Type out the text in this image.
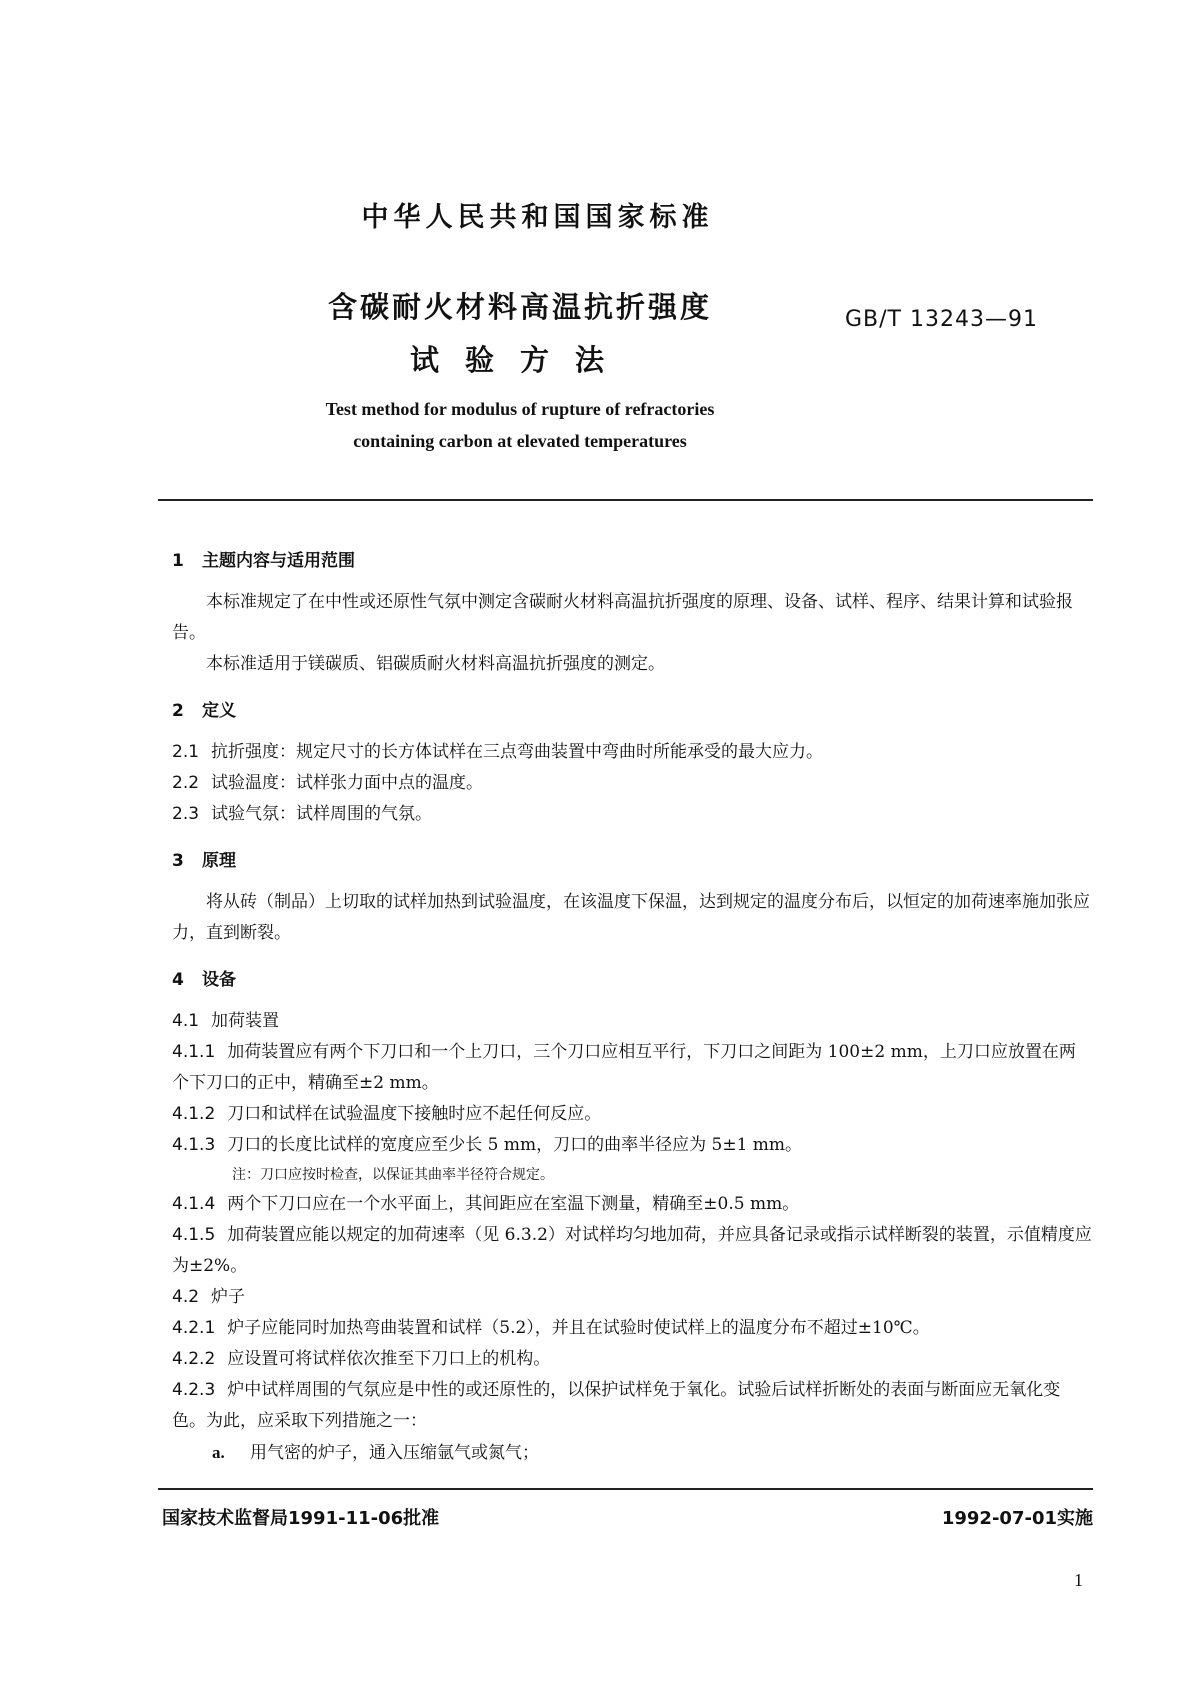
中华人民共和国国家标准
含碳耐火材料高温抗折强度
试验方法
GB/T 13243—91
Test method for modulus of rupture of refractories
containing carbon at elevated temperatures
1 主题内容与适用范围

本标准规定了在中性或还原性气氛中测定含碳耐火材料高温抗折强度的原理、设备、试样、程序、结果计算和试验报告。

本标准适用于镁碳质、铝碳质耐火材料高温抗折强度的测定。

2 定义

2.1 抗折强度：规定尺寸的长方体试样在三点弯曲装置中弯曲时所能承受的最大应力。

2.2 试验温度：试样张力面中点的温度。

2.3 试验气氛：试样周围的气氛。

3 原理

将从砖（制品）上切取的试样加热到试验温度，在该温度下保温，达到规定的温度分布后，以恒定的加荷速率施加张应力，直到断裂。

4 设备

4.1 加荷装置

4.1.1 加荷装置应有两个下刀口和一个上刀口，三个刀口应相互平行，下刀口之间距为 100±2 mm，上刀口应放置在两个下刀口的正中，精确至±2 mm。

4.1.2 刀口和试样在试验温度下接触时应不起任何反应。

4.1.3 刀口的长度比试样的宽度应至少长 5 mm，刀口的曲率半径应为 5±1 mm。

注：刀口应按时检查，以保证其曲率半径符合规定。

4.1.4 两个下刀口应在一个水平面上，其间距应在室温下测量，精确至±0.5 mm。

4.1.5 加荷装置应能以规定的加荷速率（见 6.3.2）对试样均匀地加荷，并应具备记录或指示试样断裂的装置，示值精度应为±2%。

4.2 炉子

4.2.1 炉子应能同时加热弯曲装置和试样（5.2），并且在试验时使试样上的温度分布不超过±10℃。

4.2.2 应设置可将试样依次推至下刀口上的机构。

4.2.3 炉中试样周围的气氛应是中性的或还原性的，以保护试样免于氧化。试验后试样折断处的表面与断面应无氧化变色。为此，应采取下列措施之一：

a. 用气密的炉子，通入压缩氩气或氮气；

国家技术监督局1991-11-06批准	1992-07-01实施
1
